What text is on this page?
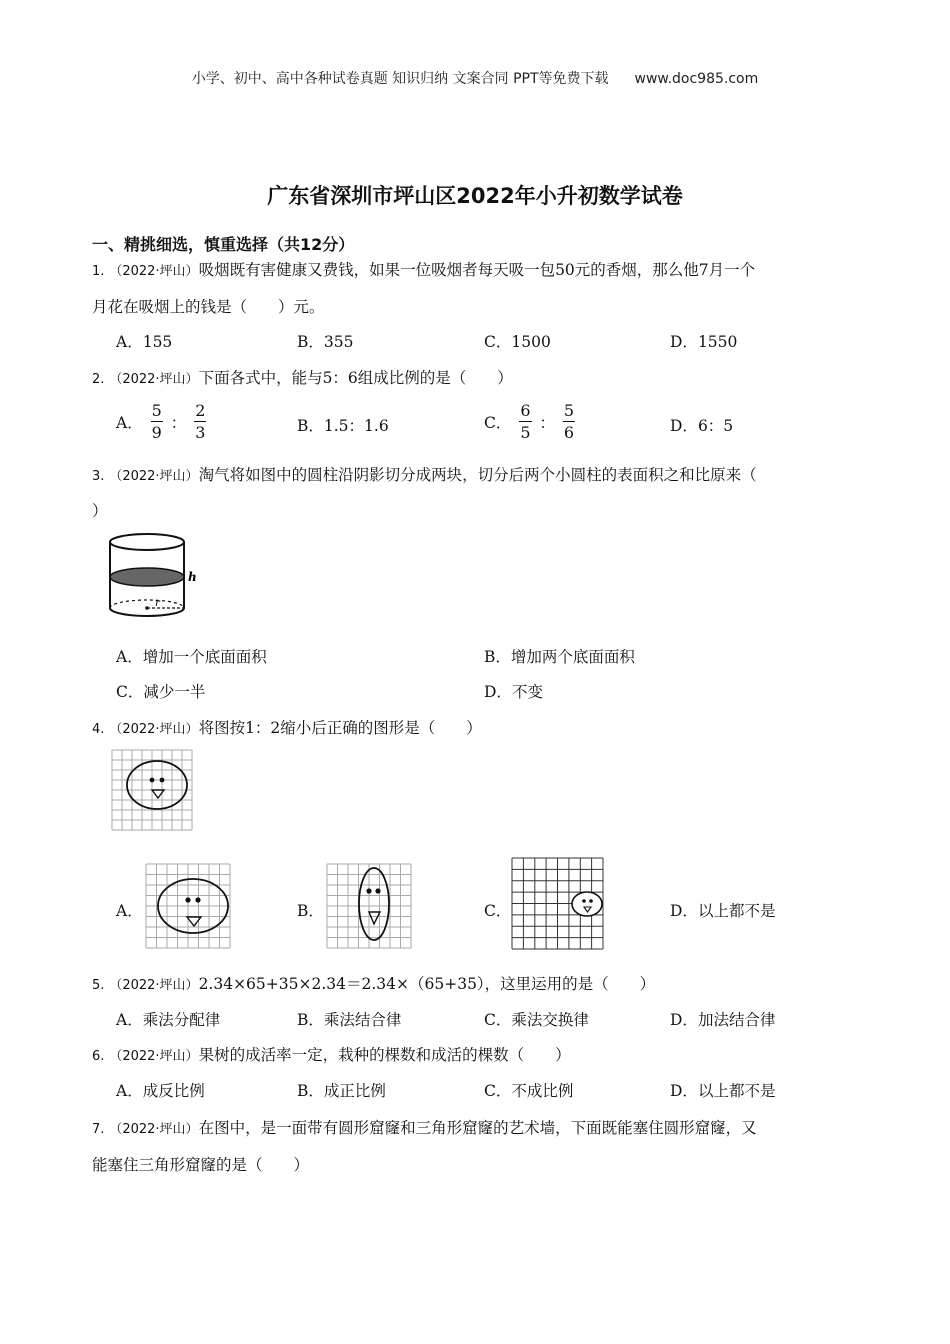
小学、初中、高中各种试卷真题 知识归纳 文案合同 PPT等免费下载 www.doc985.com
广东省深圳市坪山区2022年小升初数学试卷
一、精挑细选，慎重选择（共12分）
1. （2022·坪山）吸烟既有害健康又费钱，如果一位吸烟者每天吸一包50元的香烟，那么他7月一个
月花在吸烟上的钱是（　　）元。
A．155	B．355	C．1500	D．1550
2. （2022·坪山）下面各式中，能与5：6组成比例的是（　　）
A． $\frac{5}{9}$ ： $\frac{2}{3}$	B．1.5：1.6	C． $\frac{6}{5}$ ： $\frac{5}{6}$	D．6：5
3. （2022·坪山）淘气将如图中的圆柱沿阴影切分成两块，切分后两个小圆柱的表面积之和比原来（
）
h
r
A．增加一个底面面积	B．增加两个底面面积
C．减少一半	D．不变
4. （2022·坪山）将图按1：2缩小后正确的图形是（　　）
A．	B．	C．	D．以上都不是
5. （2022·坪山）2.34×65+35×2.34＝2.34×（65+35），这里运用的是（　　）
A．乘法分配律	B．乘法结合律	C．乘法交换律	D．加法结合律
6. （2022·坪山）果树的成活率一定，栽种的棵数和成活的棵数（　　）
A．成反比例	B．成正比例	C．不成比例	D．以上都不是
7. （2022·坪山）在图中，是一面带有圆形窟窿和三角形窟窿的艺术墙，下面既能塞住圆形窟窿，又
能塞住三角形窟窿的是（　　）
